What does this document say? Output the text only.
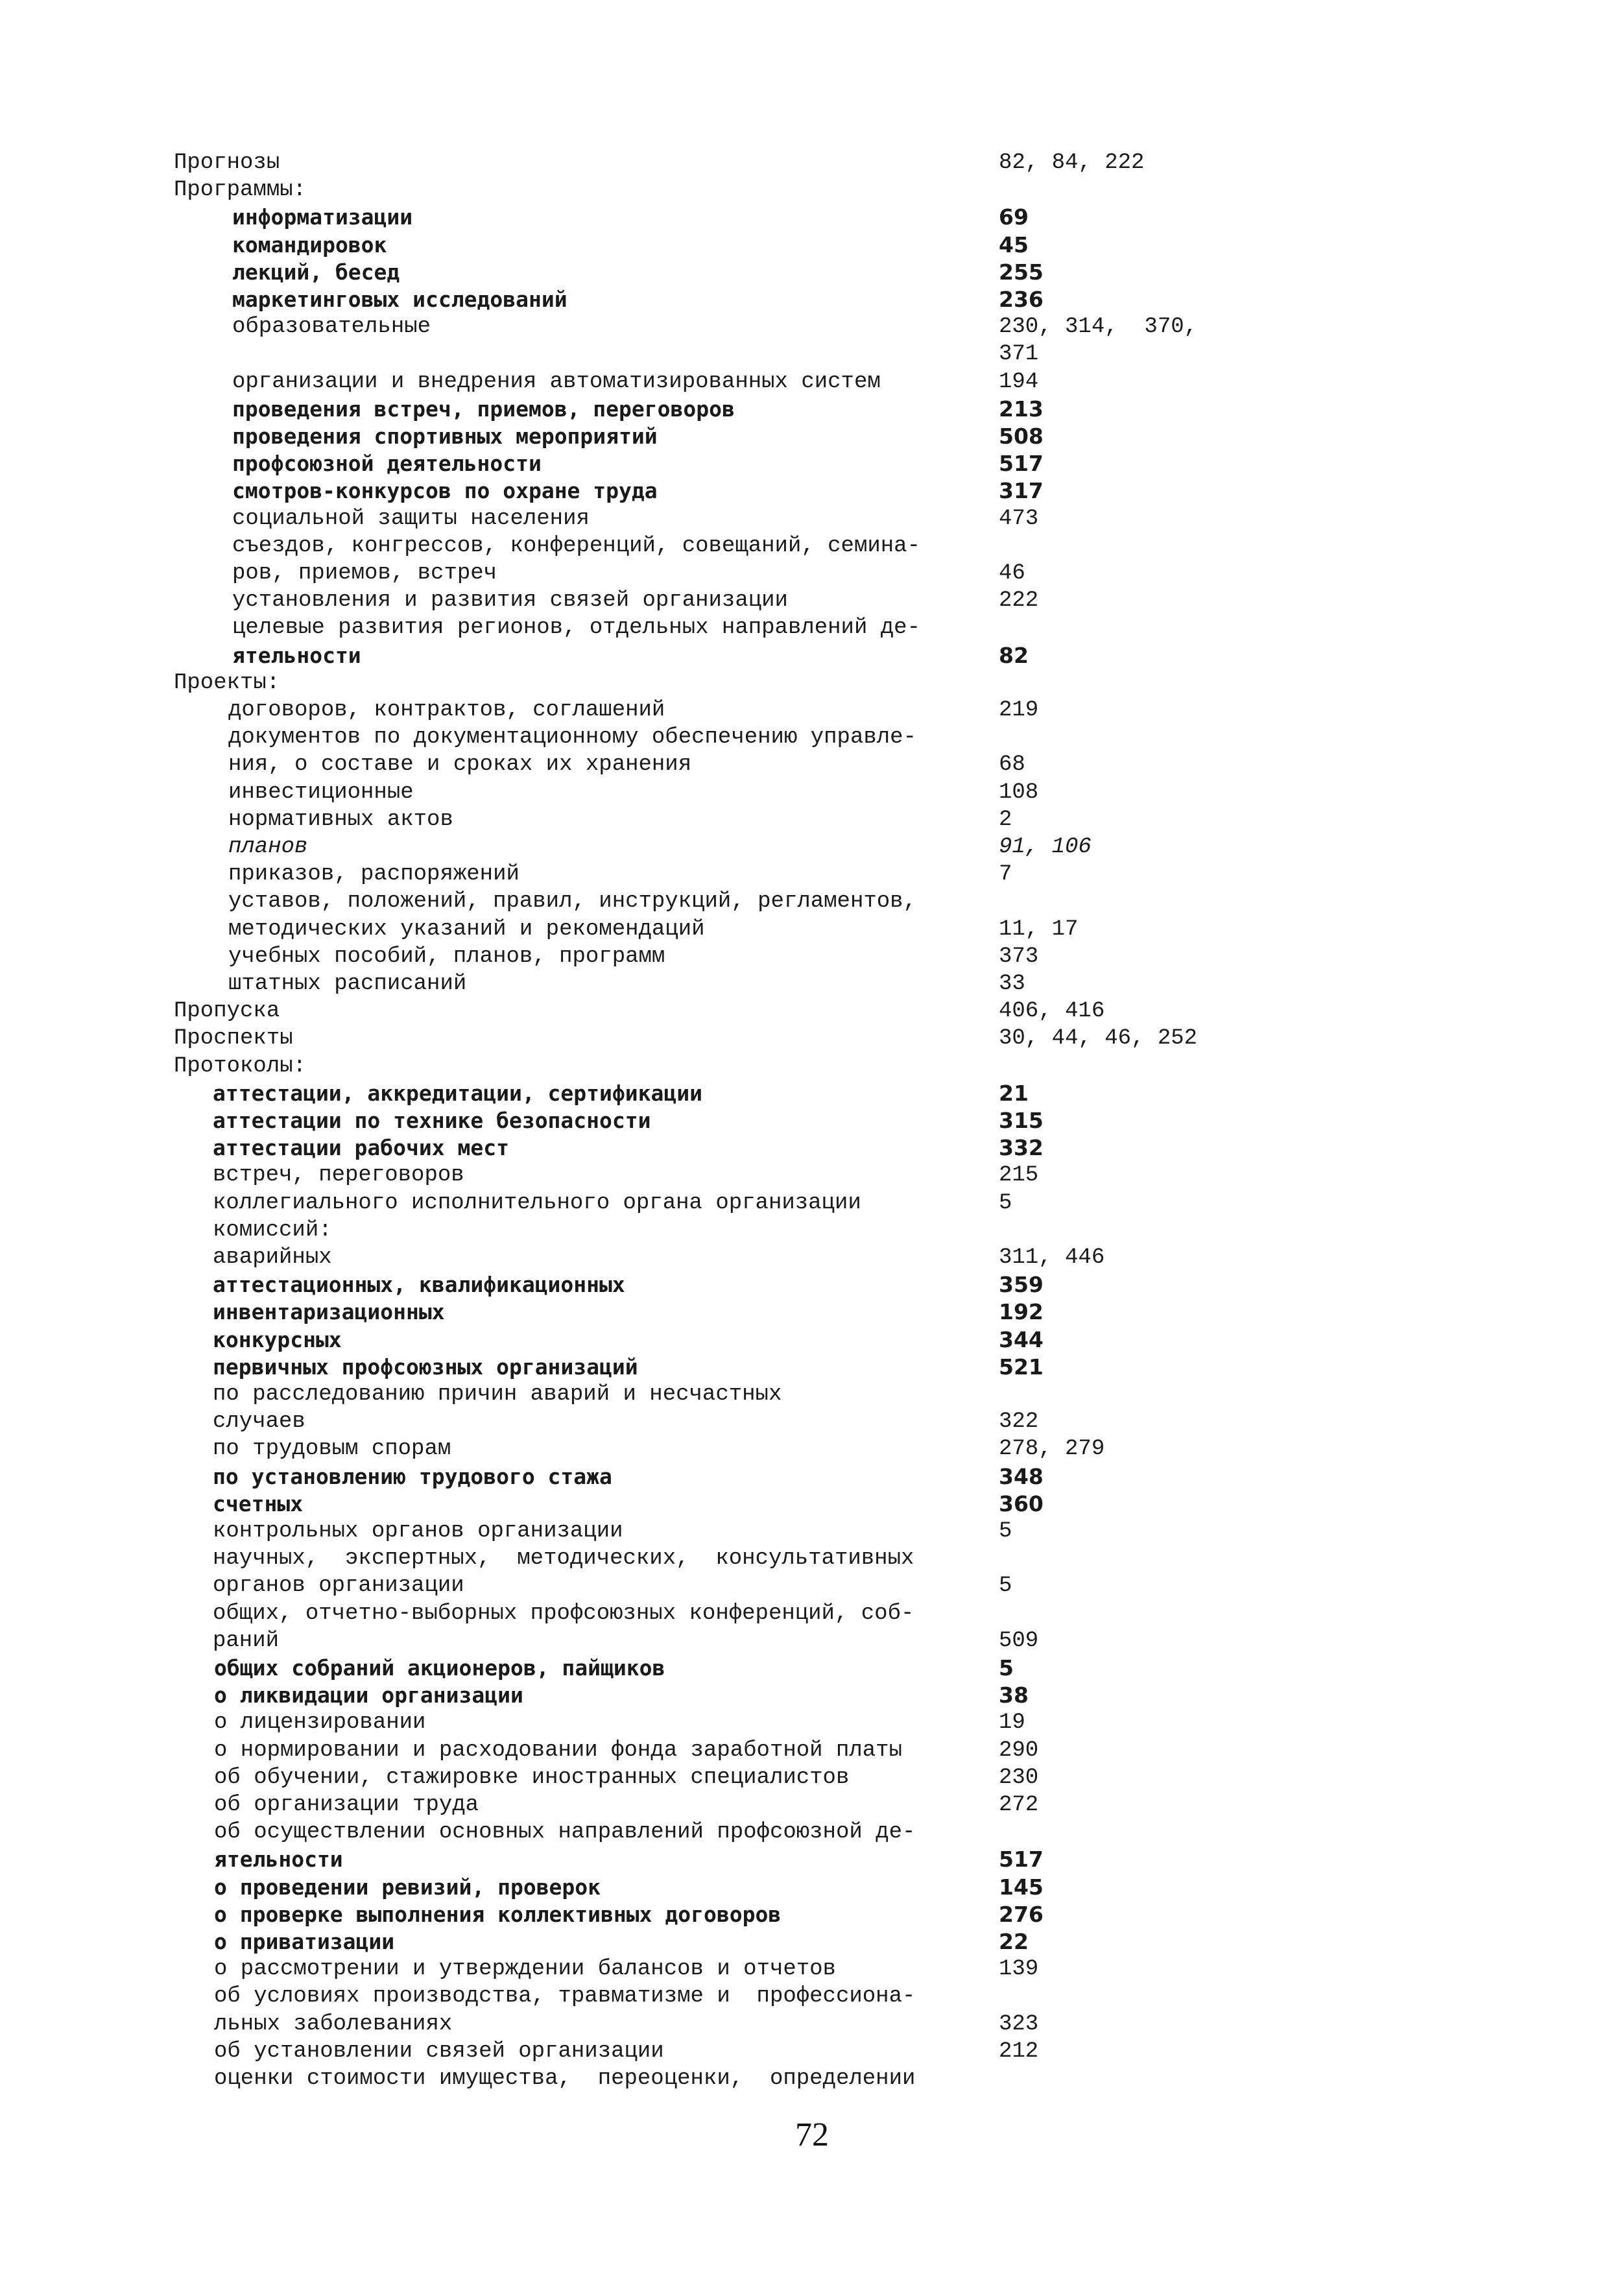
Прогнозы	82, 84, 222
Программы:
информатизации	69
командировок	45
лекций, бесед	255
маркетинговых исследований	236
образовательные	230, 314,  370,
371
организации и внедрения автоматизированных систем	194
проведения встреч, приемов, переговоров	213
проведения спортивных мероприятий	508
профсоюзной деятельности	517
смотров-конкурсов по охране труда	317
социальной защиты населения	473
съездов, конгрессов, конференций, совещаний, семина-
ров, приемов, встреч	46
установления и развития связей организации	222
целевые развития регионов, отдельных направлений де-
ятельности	82
Проекты:
договоров, контрактов, соглашений	219
документов по документационному обеспечению управле-
ния, о составе и сроках их хранения	68
инвестиционные	108
нормативных актов	2
планов	91, 106
приказов, распоряжений	7
уставов, положений, правил, инструкций, регламентов,
методических указаний и рекомендаций	11, 17
учебных пособий, планов, программ	373
штатных расписаний	33
Пропуска	406, 416
Проспекты	30, 44, 46, 252
Протоколы:
аттестации, аккредитации, сертификации	21
аттестации по технике безопасности	315
аттестации рабочих мест	332
встреч, переговоров	215
коллегиального исполнительного органа организации	5
комиссий:
аварийных	311, 446
аттестационных, квалификационных	359
инвентаризационных	192
конкурсных	344
первичных профсоюзных организаций	521
по расследованию причин аварий и несчастных
случаев	322
по трудовым спорам	278, 279
по установлению трудового стажа	348
счетных	360
контрольных органов организации	5
научных,  экспертных,  методических,  консультативных
органов организации	5
общих, отчетно-выборных профсоюзных конференций, соб-
раний	509
общих собраний акционеров, пайщиков	5
о ликвидации организации	38
о лицензировании	19
о нормировании и расходовании фонда заработной платы	290
об обучении, стажировке иностранных специалистов	230
об организации труда	272
об осуществлении основных направлений профсоюзной де-
ятельности	517
о проведении ревизий, проверок	145
о проверке выполнения коллективных договоров	276
о приватизации	22
о рассмотрении и утверждении балансов и отчетов	139
об условиях производства, травматизме и  профессиона-
льных заболеваниях	323
об установлении связей организации	212
оценки стоимости имущества,  переоценки,  определении
72
